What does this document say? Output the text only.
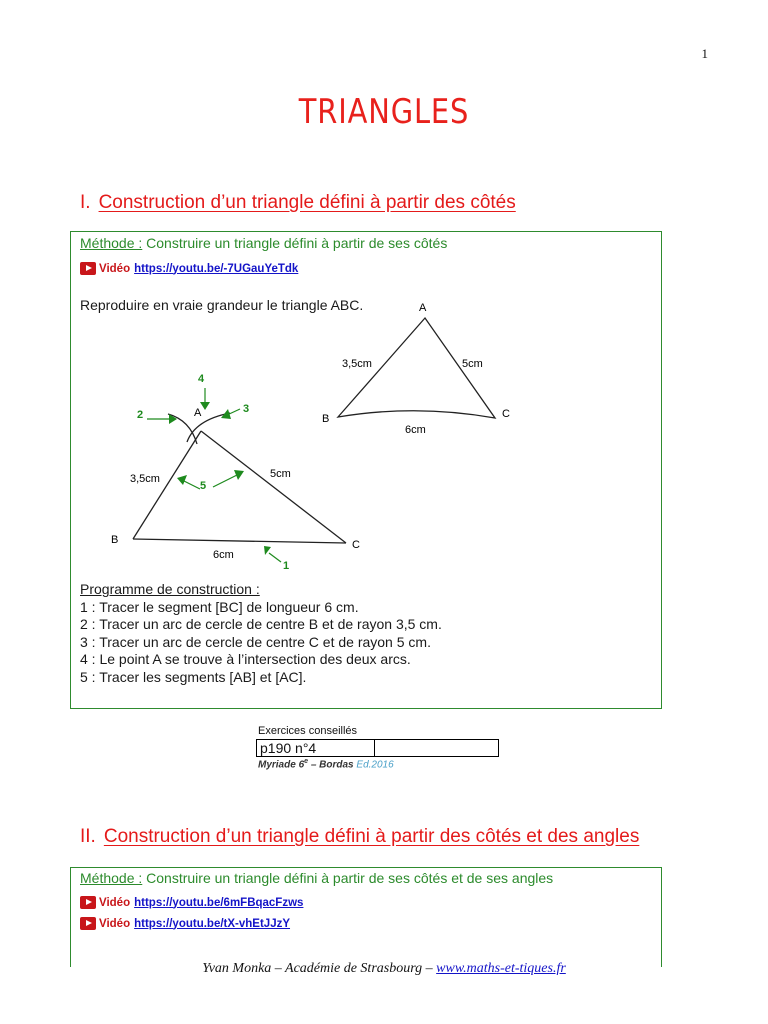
1
TRIANGLES
I. Construction d’un triangle défini à partir des côtés
Méthode : Construire un triangle défini à partir de ses côtés
Vidéo https://youtu.be/-7UGauYeTdk
Reproduire en vraie grandeur le triangle ABC.	A
B	C
3,5cm	5cm
6cm
A
B	C
3,5cm	5cm
6cm
4
2	3
5
1
Programme de construction :
1 : Tracer le segment [BC] de longueur 6 cm.
2 : Tracer un arc de cercle de centre B et de rayon 3,5 cm.
3 : Tracer un arc de cercle de centre C et de rayon 5 cm.
4 : Le point A se trouve à l’intersection des deux arcs.
5 : Tracer les segments [AB] et [AC].
Exercices conseillés
p190 n°4	
Myriade 6e – Bordas Ed.2016
II. Construction d’un triangle défini à partir des côtés et des angles
Méthode : Construire un triangle défini à partir de ses côtés et de ses angles
Vidéo https://youtu.be/6mFBqacFzws
Vidéo https://youtu.be/tX-vhEtJJzY
Yvan Monka – Académie de Strasbourg – www.maths-et-tiques.fr
